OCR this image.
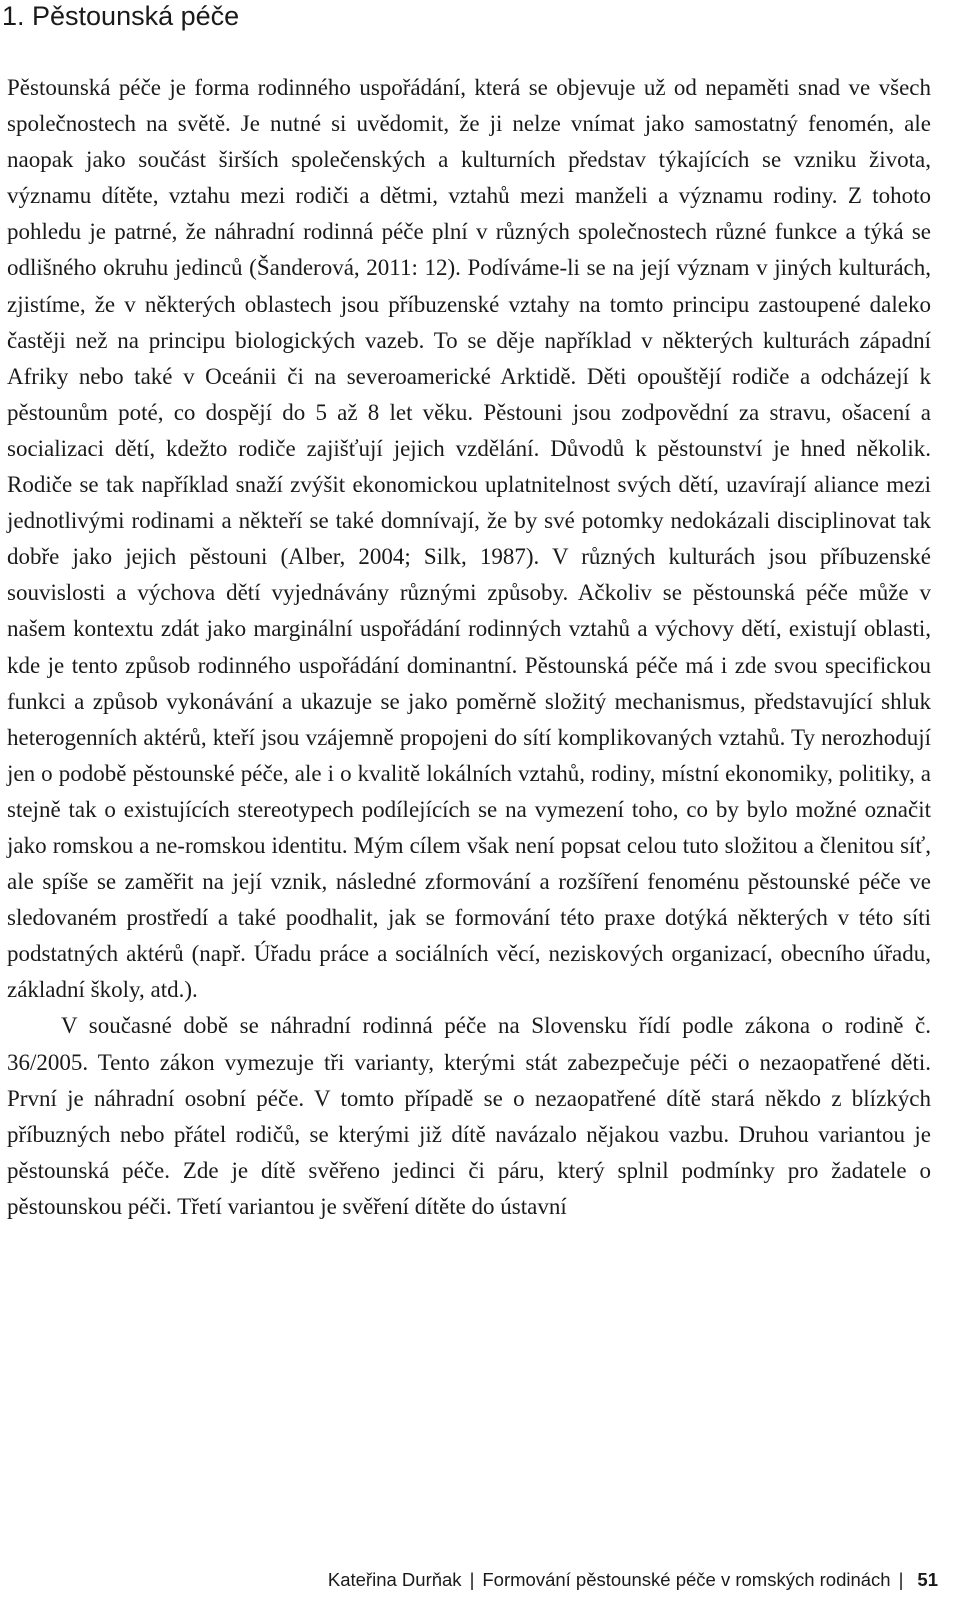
1. Pěstounská péče

Pěstounská péče je forma rodinného uspořádání, která se objevuje už od nepaměti snad ve všech společnostech na světě. Je nutné si uvědomit, že ji nelze vnímat jako samostatný fenomén, ale naopak jako součást širších společenských a kulturních představ týkajících se vzniku života, významu dítěte, vztahu mezi rodiči a dětmi, vztahů mezi manželi a významu rodiny. Z tohoto pohledu je patrné, že náhradní rodinná péče plní v různých společnostech různé funkce a týká se odlišného okruhu jedinců (Šanderová, 2011: 12). Podíváme-li se na její význam v jiných kulturách, zjistíme, že v některých oblastech jsou příbuzenské vztahy na tomto principu zastoupené daleko častěji než na principu biologických vazeb. To se děje například v některých kulturách západní Afriky nebo také v Oceánii či na severoamerické Arktidě. Děti opouštějí rodiče a odcházejí k pěstounům poté, co dospějí do 5 až 8 let věku. Pěstouni jsou zodpovědní za stravu, ošacení a socializaci dětí, kdežto rodiče zajišťují jejich vzdělání. Důvodů k pěstounství je hned několik. Rodiče se tak například snaží zvýšit ekonomickou uplatnitelnost svých dětí, uzavírají aliance mezi jednotlivými rodinami a někteří se také domnívají, že by své potomky nedokázali disciplinovat tak dobře jako jejich pěstouni (Alber, 2004; Silk, 1987). V různých kulturách jsou příbuzenské souvislosti a výchova dětí vyjednávány různými způsoby. Ačkoliv se pěstounská péče může v našem kontextu zdát jako marginální uspořádání rodinných vztahů a výchovy dětí, existují oblasti, kde je tento způsob rodinného uspořádání dominantní. Pěstounská péče má i zde svou specifickou funkci a způsob vykonávání a ukazuje se jako poměrně složitý mechanismus, představující shluk heterogenních aktérů, kteří jsou vzájemně propojeni do sítí komplikovaných vztahů. Ty nerozhodují jen o podobě pěstounské péče, ale i o kvalitě lokálních vztahů, rodiny, místní ekonomiky, politiky, a stejně tak o existujících stereotypech podílejících se na vymezení toho, co by bylo možné označit jako romskou a ne-romskou identitu. Mým cílem však není popsat celou tuto složitou a členitou síť, ale spíše se zaměřit na její vznik, následné zformování a rozšíření fenoménu pěstounské péče ve sledovaném prostředí a také poodhalit, jak se formování této praxe dotýká některých v této síti podstatných aktérů (např. Úřadu práce a sociálních věcí, neziskových organizací, obecního úřadu, základní školy, atd.).

V současné době se náhradní rodinná péče na Slovensku řídí podle zákona o rodině č. 36/2005. Tento zákon vymezuje tři varianty, kterými stát zabezpečuje péči o nezaopatřené děti. První je náhradní osobní péče. V tomto případě se o nezaopatřené dítě stará někdo z blízkých příbuzných nebo přátel rodičů, se kterými již dítě navázalo nějakou vazbu. Druhou variantou je pěstounská péče. Zde je dítě svěřeno jedinci či páru, který splnil podmínky pro žadatele o pěstounskou péči. Třetí variantou je svěření dítěte do ústavní

Kateřina Durňak | Formování pěstounské péče v romských rodinách | 51
